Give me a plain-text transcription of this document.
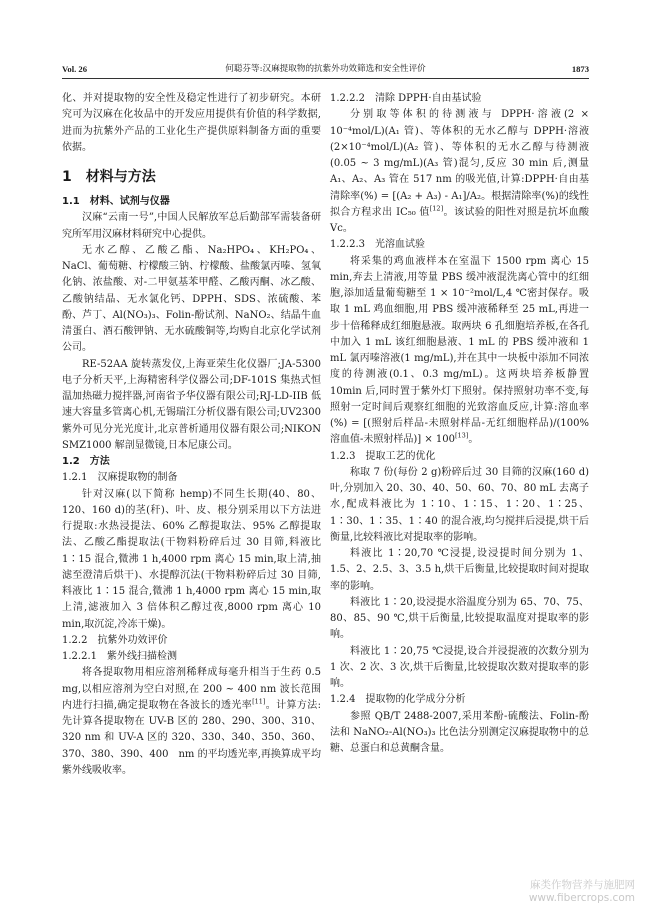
Vol. 26	何聪芬等:汉麻提取物的抗紫外功效筛选和安全性评价	1873

化、并对提取物的安全性及稳定性进行了初步研究。本研究可为汉麻在化妆品中的开发应用提供有价值的科学数据,进而为抗紫外产品的工业化生产提供原料制备方面的重要依据。

1　材料与方法
1.1　材料、试剂与仪器

汉麻“云南一号”,中国人民解放军总后勤部军需装备研究所军用汉麻材料研究中心提供。

无水乙醇、乙酸乙酯、Na₂HPO₄、KH₂PO₄、NaCl、葡萄糖、柠檬酸三钠、柠檬酸、盐酸氯丙嗪、氢氧化钠、浓盐酸、对-二甲氨基苯甲醛、乙酸丙酮、冰乙酸、乙酸钠结晶、无水氯化钙、DPPH、SDS、浓硫酸、苯酚、芦丁、Al(NO₃)₃、Folin-酚试剂、NaNO₂、结晶牛血清蛋白、酒石酸钾钠、无水硫酸铜等,均购自北京化学试剂公司。

RE-52AA 旋转蒸发仪,上海亚荣生化仪器厂;JA-5300 电子分析天平,上海精密科学仪器公司;DF-101S 集热式恒温加热磁力搅拌器,河南省予华仪器有限公司;RJ-LD-IIB 低速大容量多管离心机,无锡瑞江分析仪器有限公司;UV2300 紫外可见分光光度计,北京普析通用仪器有限公司;NIKON SMZ1000 解剖显微镜,日本尼康公司。

1.2　方法
1.2.1　汉麻提取物的制备

针对汉麻(以下简称 hemp)不同生长期(40、80、120、160 d)的茎(秆)、叶、皮、根分别采用以下方法进行提取:水热浸提法、60% 乙醇提取法、95% 乙醇提取法、乙酸乙酯提取法(干物料粉碎后过 30 目筛,料液比 1∶15 混合,微沸 1 h,4000 rpm 离心 15 min,取上清,抽滤至澄清后烘干)、水提醇沉法(干物料粉碎后过 30 目筛,料液比 1∶15 混合,微沸 1 h,4000 rpm 离心 15 min,取上清,滤液加入 3 倍体积乙醇过夜,8000 rpm 离心 10 min,取沉淀,冷冻干燥)。

1.2.2　抗紫外功效评价
1.2.2.1　紫外线扫描检测

将各提取物用相应溶剂稀释成每毫升相当于生药 0.5 mg,以相应溶剂为空白对照,在 200 ~ 400 nm 波长范围内进行扫描,确定提取物在各波长的透光率[11]。计算方法:先计算各提取物在 UV-B 区的 280、290、300、310、320 nm 和 UV-A 区的 320、330、340、350、360、370、380、390、400　nm 的平均透光率,再换算成平均紫外线吸收率。

1.2.2.2　清除 DPPH·自由基试验

分别取等体积的待测液与 DPPH·溶液(2 × 10⁻⁴mol/L)(A₁ 管)、等体积的无水乙醇与 DPPH·溶液(2×10⁻⁴mol/L)(A₂ 管)、等体积的无水乙醇与待测液(0.05 ~ 3 mg/mL)(A₃ 管)混匀,反应 30 min 后,测量 A₁、A₂、A₃ 管在 517 nm 的吸光值,计算:DPPH·自由基清除率(%) = [(A₂ + A₃) - A₁]/A₂。根据清除率(%)的线性拟合方程求出 IC₅₀ 值[12]。该试验的阳性对照是抗坏血酸 Vc。

1.2.2.3　光溶血试验

将采集的鸡血液样本在室温下 1500 rpm 离心 15 min,弃去上清液,用等量 PBS 缓冲液混洗离心管中的红细胞,添加适量葡萄糖至 1 × 10⁻²mol/L,4 ℃密封保存。吸取 1 mL 鸡血细胞,用 PBS 缓冲液稀释至 25 mL,再进一步十倍稀释成红细胞悬液。取两块 6 孔细胞培养板,在各孔中加入 1 mL 该红细胞悬液、1 mL 的 PBS 缓冲液和 1 mL 氯丙嗪溶液(1 mg/mL),并在其中一块板中添加不同浓度的待测液(0.1、0.3 mg/mL)。这两块培养板静置 10min 后,同时置于紫外灯下照射。保持照射功率不变,每照射一定时间后观察红细胞的光致溶血反应,计算:溶血率(%) = [(照射后样品-未照射样品-无红细胞样品)/(100% 溶血值-未照射样品)] × 100[13]。

1.2.3　提取工艺的优化

称取 7 份(每份 2 g)粉碎后过 30 目筛的汉麻(160 d)叶,分别加入 20、30、40、50、60、70、80 mL 去离子水,配成料液比为 1∶10、1∶15、1∶20、1∶25、1∶30、1∶35、1∶40 的混合液,均匀搅拌后浸提,烘干后衡量,比较料液比对提取率的影响。

料液比 1∶20,70 ℃浸提,设浸提时间分别为 1、1.5、2、2.5、3、3.5 h,烘干后衡量,比较提取时间对提取率的影响。

料液比 1∶20,设浸提水浴温度分别为 65、70、75、80、85、90 ℃,烘干后衡量,比较提取温度对提取率的影响。

料液比 1∶20,75 ℃浸提,设合并浸提液的次数分别为 1 次、2 次、3 次,烘干后衡量,比较提取次数对提取率的影响。

1.2.4　提取物的化学成分分析

参照 QB/T 2488-2007,采用苯酚-硫酸法、Folin-酚法和 NaNO₂-Al(NO₃)₃ 比色法分别测定汉麻提取物中的总糖、总蛋白和总黄酮含量。

麻类作物营养与施肥网
www.fibercrops.com
